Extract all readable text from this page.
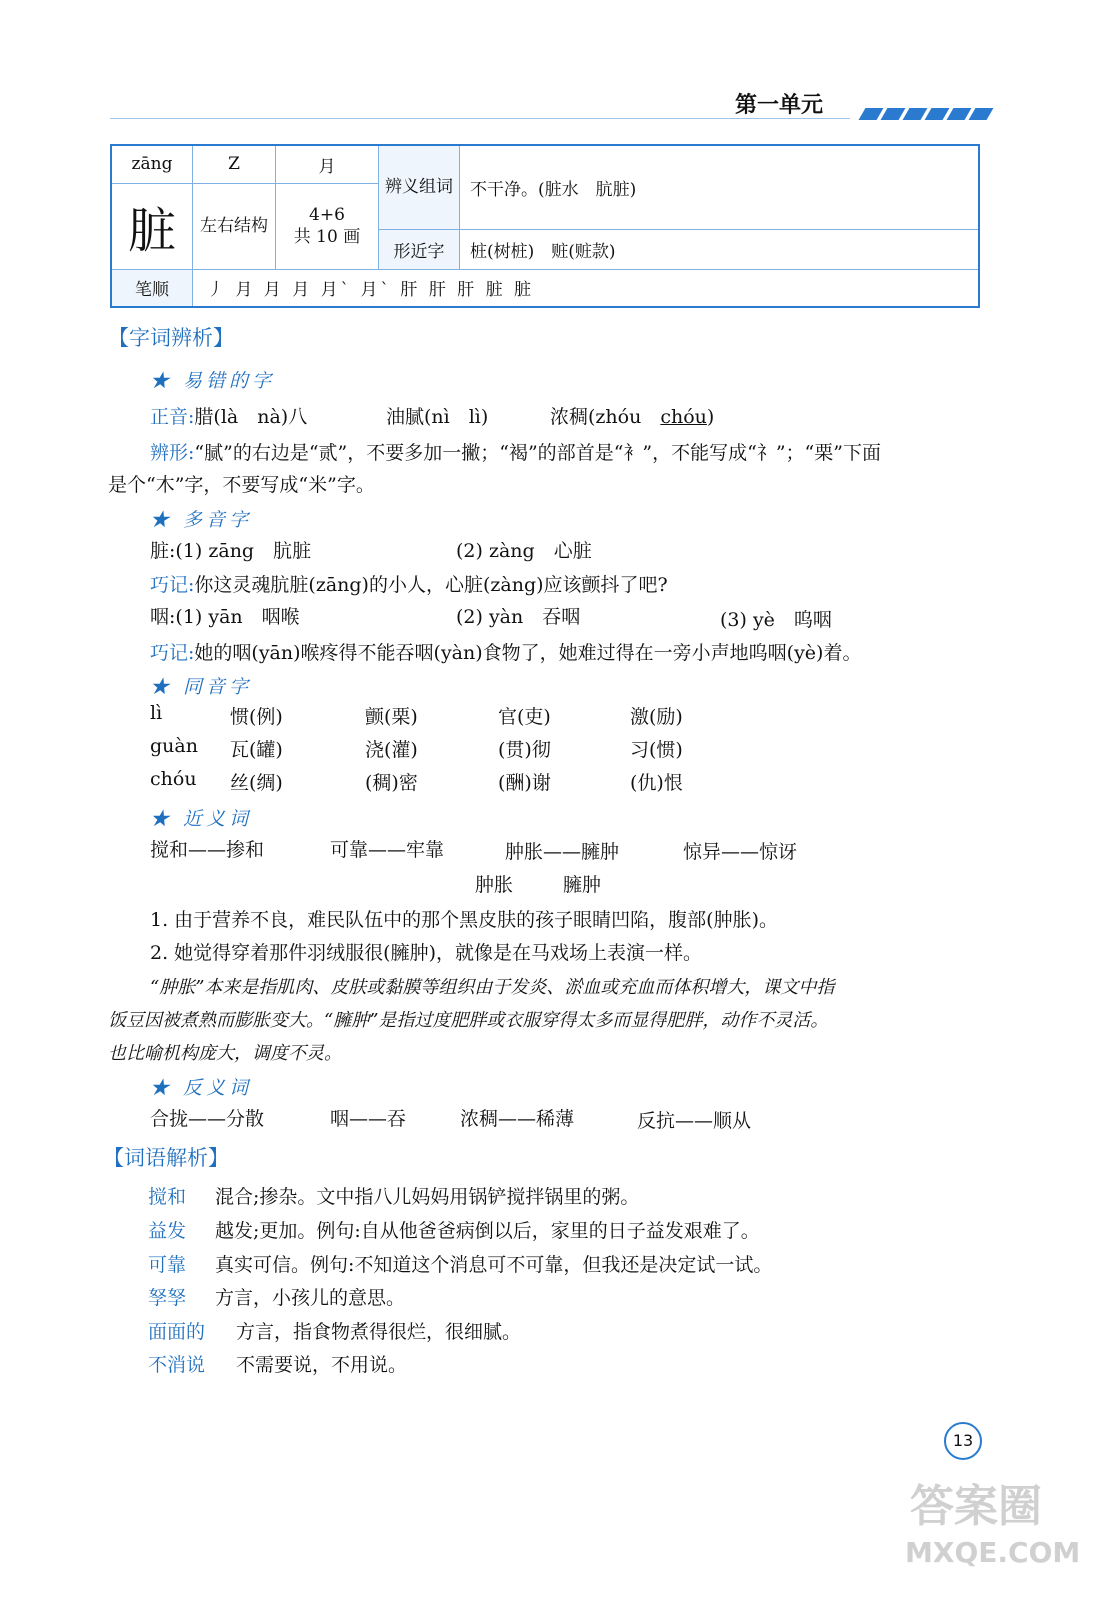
第一单元
zāng	Z	月	辨义组词	不干净。(脏水　肮脏)
脏	左右结构	4+6
共 10 画		

			形近字	桩(树桩)　赃(赃款)
笔顺	丿 月 月 月 月` 月` 肝 肝 肝 脏 脏			
【字词辨析】
★ 易错的字
正音:腊(là　nà)八	油腻(nì　lì)	浓稠(zhóu　chóu)
辨形:“腻”的右边是“贰”，不要多加一撇；“褐”的部首是“衤”，不能写成“礻”；“栗”下面
是个“木”字，不要写成“米”字。
★ 多音字
脏:(1) zāng　肮脏	(2) zàng　心脏
巧记:你这灵魂肮脏(zāng)的小人，心脏(zàng)应该颤抖了吧?
咽:(1) yān　咽喉	(2) yàn　吞咽	(3) yè　呜咽
巧记:她的咽(yān)喉疼得不能吞咽(yàn)食物了，她难过得在一旁小声地呜咽(yè)着。
★ 同音字
lì	惯(例)	颤(栗)	官(吏)	激(励)
guàn 瓦(罐)	浇(灌)	(贯)彻	习(惯)
chóu 丝(绸)	(稠)密	(酬)谢	(仇)恨
★ 近义词
搅和——掺和	可靠——牢靠	肿胀——臃肿	惊异——惊讶
肿胀	臃肿
1. 由于营养不良，难民队伍中的那个黑皮肤的孩子眼睛凹陷，腹部(肿胀)。
2. 她觉得穿着那件羽绒服很(臃肿)，就像是在马戏场上表演一样。
“肿胀”本来是指肌肉、皮肤或黏膜等组织由于发炎、淤血或充血而体积增大，课文中指
饭豆因被煮熟而膨胀变大。“臃肿”是指过度肥胖或衣服穿得太多而显得肥胖，动作不灵活。
也比喻机构庞大，调度不灵。
★ 反义词
合拢——分散	咽——吞	浓稠——稀薄	反抗——顺从
【词语解析】
搅和 混合;掺杂。文中指八儿妈妈用锅铲搅拌锅里的粥。
益发 越发;更加。例句:自从他爸爸病倒以后，家里的日子益发艰难了。
可靠 真实可信。例句:不知道这个消息可不可靠，但我还是决定试一试。
孥孥 方言，小孩儿的意思。
面面的 方言，指食物煮得很烂，很细腻。
不消说 不需要说，不用说。
13
答案圈
MXQE.COM
